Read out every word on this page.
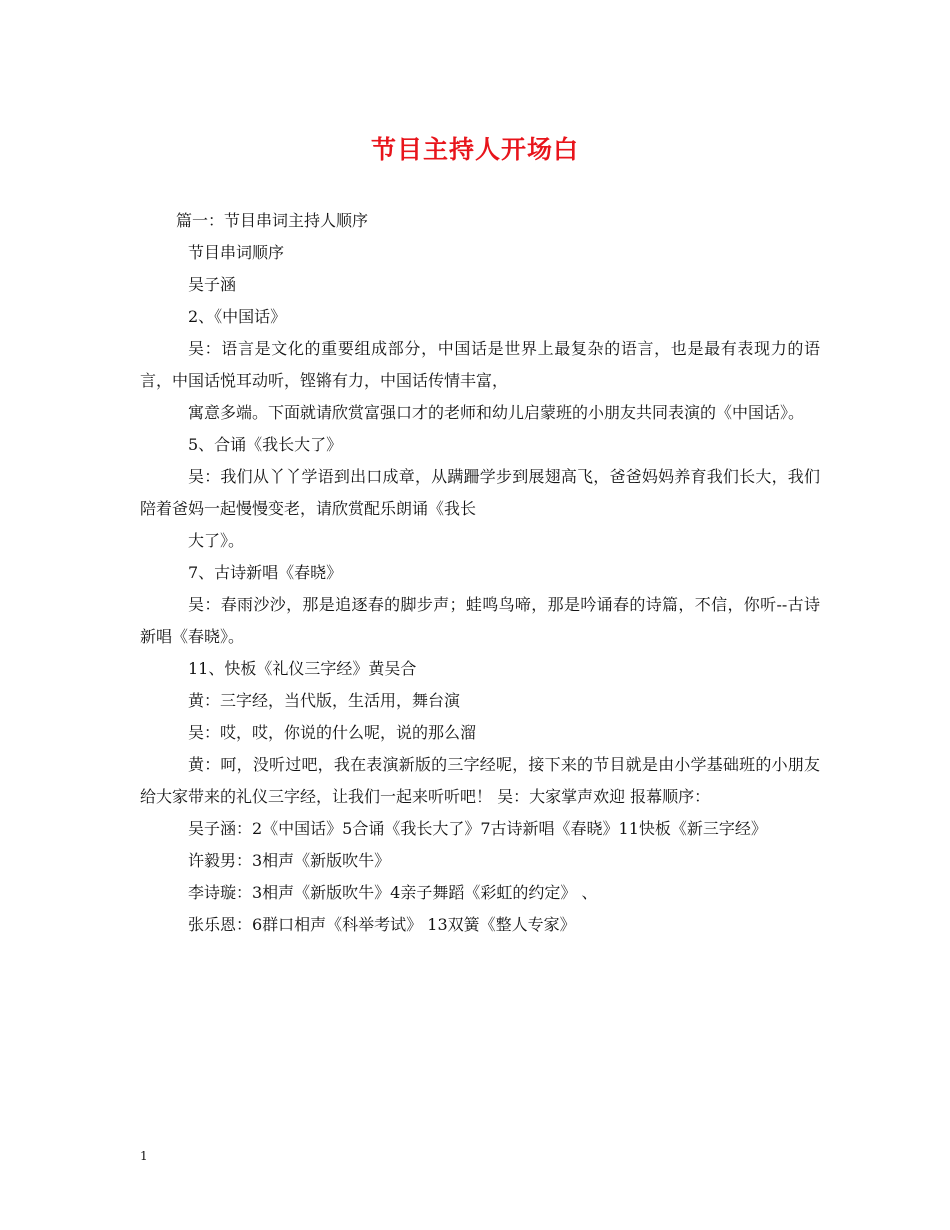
节目主持人开场白

篇一：节目串词主持人顺序

节目串词顺序

吴子涵

2、《中国话》

吴：语言是文化的重要组成部分，中国话是世界上最复杂的语言，也是最有表现力的语言，中国话悦耳动听，铿锵有力，中国话传情丰富，

寓意多端。下面就请欣赏富强口才的老师和幼儿启蒙班的小朋友共同表演的《中国话》。

5、合诵《我长大了》

吴：我们从丫丫学语到出口成章，从蹒跚学步到展翅高飞，爸爸妈妈养育我们长大，我们陪着爸妈一起慢慢变老，请欣赏配乐朗诵《我长

大了》。

7、古诗新唱《春晓》

吴：春雨沙沙，那是追逐春的脚步声；蛙鸣鸟啼，那是吟诵春的诗篇，不信，你听--古诗新唱《春晓》。

11、快板《礼仪三字经》黄吴合

黄：三字经，当代版，生活用，舞台演

吴：哎，哎，你说的什么呢，说的那么溜

黄：呵，没听过吧，我在表演新版的三字经呢，接下来的节目就是由小学基础班的小朋友给大家带来的礼仪三字经，让我们一起来听听吧！ 吴：大家掌声欢迎 报幕顺序：

吴子涵：2《中国话》5合诵《我长大了》7古诗新唱《春晓》11快板《新三字经》

许毅男：3相声《新版吹牛》

李诗璇：3相声《新版吹牛》4亲子舞蹈《彩虹的约定》 、

张乐恩：6群口相声《科举考试》 13双簧《整人专家》

1
